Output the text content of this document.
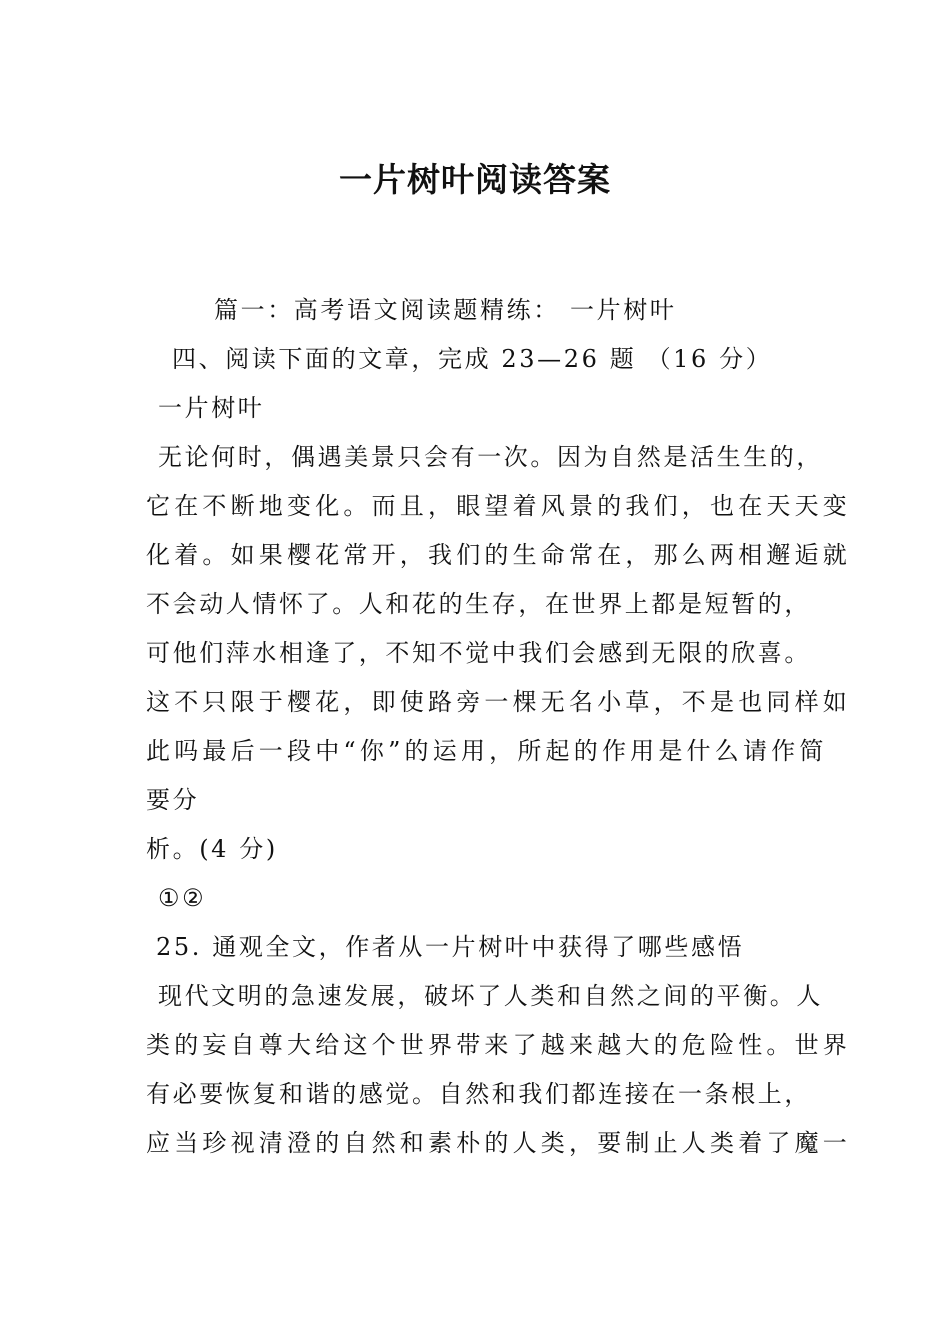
一片树叶阅读答案
篇一：高考语文阅读题精练： 一片树叶
四、阅读下面的文章，完成 23—26 题 （16 分）
一片树叶
无论何时，偶遇美景只会有一次。因为自然是活生生的，
它在不断地变化。而且，眼望着风景的我们，也在天天变
化着。如果樱花常开，我们的生命常在，那么两相邂逅就
不会动人情怀了。人和花的生存，在世界上都是短暂的，
可他们萍水相逢了，不知不觉中我们会感到无限的欣喜。
这不只限于樱花，即使路旁一棵无名小草，不是也同样如
此吗最后一段中“你”的运用，所起的作用是什么请作简
要分
析。(4 分)
①②
25. 通观全文，作者从一片树叶中获得了哪些感悟
现代文明的急速发展，破坏了人类和自然之间的平衡。人
类的妄自尊大给这个世界带来了越来越大的危险性。世界
有必要恢复和谐的感觉。自然和我们都连接在一条根上，
应当珍视清澄的自然和素朴的人类，要制止人类着了魔一
